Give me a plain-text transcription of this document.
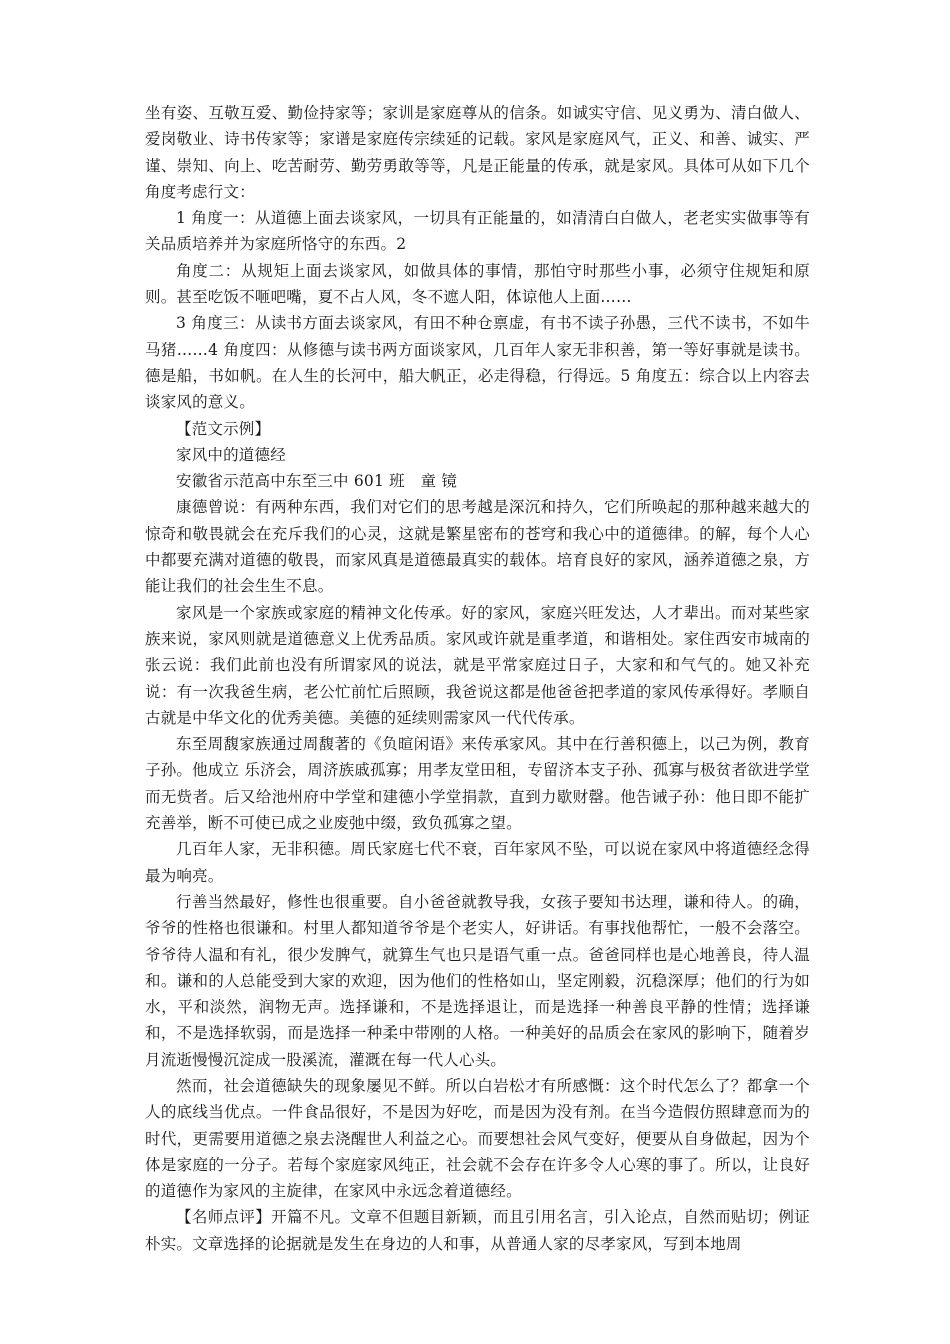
坐有姿、互敬互爱、勤俭持家等；家训是家庭尊从的信条。如诚实守信、见义勇为、清白做人、爱岗敬业、诗书传家等；家谱是家庭传宗续延的记载。家风是家庭风气，正义、和善、诚实、严谨、崇知、向上、吃苦耐劳、勤劳勇敢等等，凡是正能量的传承，就是家风。具体可从如下几个角度考虑行文：

1 角度一：从道德上面去谈家风，一切具有正能量的，如清清白白做人，老老实实做事等有关品质培养并为家庭所恪守的东西。2

角度二：从规矩上面去谈家风，如做具体的事情，那怕守时那些小事，必须守住规矩和原则。甚至吃饭不咂吧嘴，夏不占人风，冬不遮人阳，体谅他人上面……

3 角度三：从读书方面去谈家风，有田不种仓禀虚，有书不读子孙愚，三代不读书，不如牛马猪……4 角度四：从修德与读书两方面谈家风，几百年人家无非积善，第一等好事就是读书。德是船，书如帆。在人生的长河中，船大帆正，必走得稳，行得远。5 角度五：综合以上内容去谈家风的意义。

【范文示例】

家风中的道德经

安徽省示范高中东至三中 601 班　童 镜

康德曾说：有两种东西，我们对它们的思考越是深沉和持久，它们所唤起的那种越来越大的惊奇和敬畏就会在充斥我们的心灵，这就是繁星密布的苍穹和我心中的道德律。的解，每个人心中都要充满对道德的敬畏，而家风真是道德最真实的载体。培育良好的家风，涵养道德之泉，方能让我们的社会生生不息。

家风是一个家族或家庭的精神文化传承。好的家风，家庭兴旺发达，人才辈出。而对某些家族来说，家风则就是道德意义上优秀品质。家风或许就是重孝道，和谐相处。家住西安市城南的张云说：我们此前也没有所谓家风的说法，就是平常家庭过日子，大家和和气气的。她又补充说：有一次我爸生病，老公忙前忙后照顾，我爸说这都是他爸爸把孝道的家风传承得好。孝顺自古就是中华文化的优秀美德。美德的延续则需家风一代代传承。

东至周馥家族通过周馥著的《负暄闲语》来传承家风。其中在行善积德上，以己为例，教育子孙。他成立 乐济会，周济族戚孤寡；用孝友堂田租，专留济本支子孙、孤寡与极贫者欲进学堂而无赀者。后又给池州府中学堂和建德小学堂捐款，直到力歇财罄。他告诫子孙：他日即不能扩充善举，断不可使已成之业废弛中缀，致负孤寡之望。

几百年人家，无非积德。周氏家庭七代不衰，百年家风不坠，可以说在家风中将道德经念得最为响亮。

行善当然最好，修性也很重要。自小爸爸就教导我，女孩子要知书达理，谦和待人。的确，爷爷的性格也很谦和。村里人都知道爷爷是个老实人，好讲话。有事找他帮忙，一般不会落空。爷爷待人温和有礼，很少发脾气，就算生气也只是语气重一点。爸爸同样也是心地善良，待人温和。谦和的人总能受到大家的欢迎，因为他们的性格如山，坚定刚毅，沉稳深厚；他们的行为如水，平和淡然，润物无声。选择谦和，不是选择退让，而是选择一种善良平静的性情；选择谦和，不是选择软弱，而是选择一种柔中带刚的人格。一种美好的品质会在家风的影响下，随着岁月流逝慢慢沉淀成一股溪流，灌溉在每一代人心头。

然而，社会道德缺失的现象屡见不鲜。所以白岩松才有所感慨：这个时代怎么了？都拿一个人的底线当优点。一件食品很好，不是因为好吃，而是因为没有剂。在当今造假仿照肆意而为的时代，更需要用道德之泉去浇醒世人利益之心。而要想社会风气变好，便要从自身做起，因为个体是家庭的一分子。若每个家庭家风纯正，社会就不会存在许多令人心寒的事了。所以，让良好的道德作为家风的主旋律，在家风中永远念着道德经。

【名师点评】开篇不凡。文章不但题目新颖，而且引用名言，引入论点，自然而贴切；例证朴实。文章选择的论据就是发生在身边的人和事，从普通人家的尽孝家风，写到本地周
